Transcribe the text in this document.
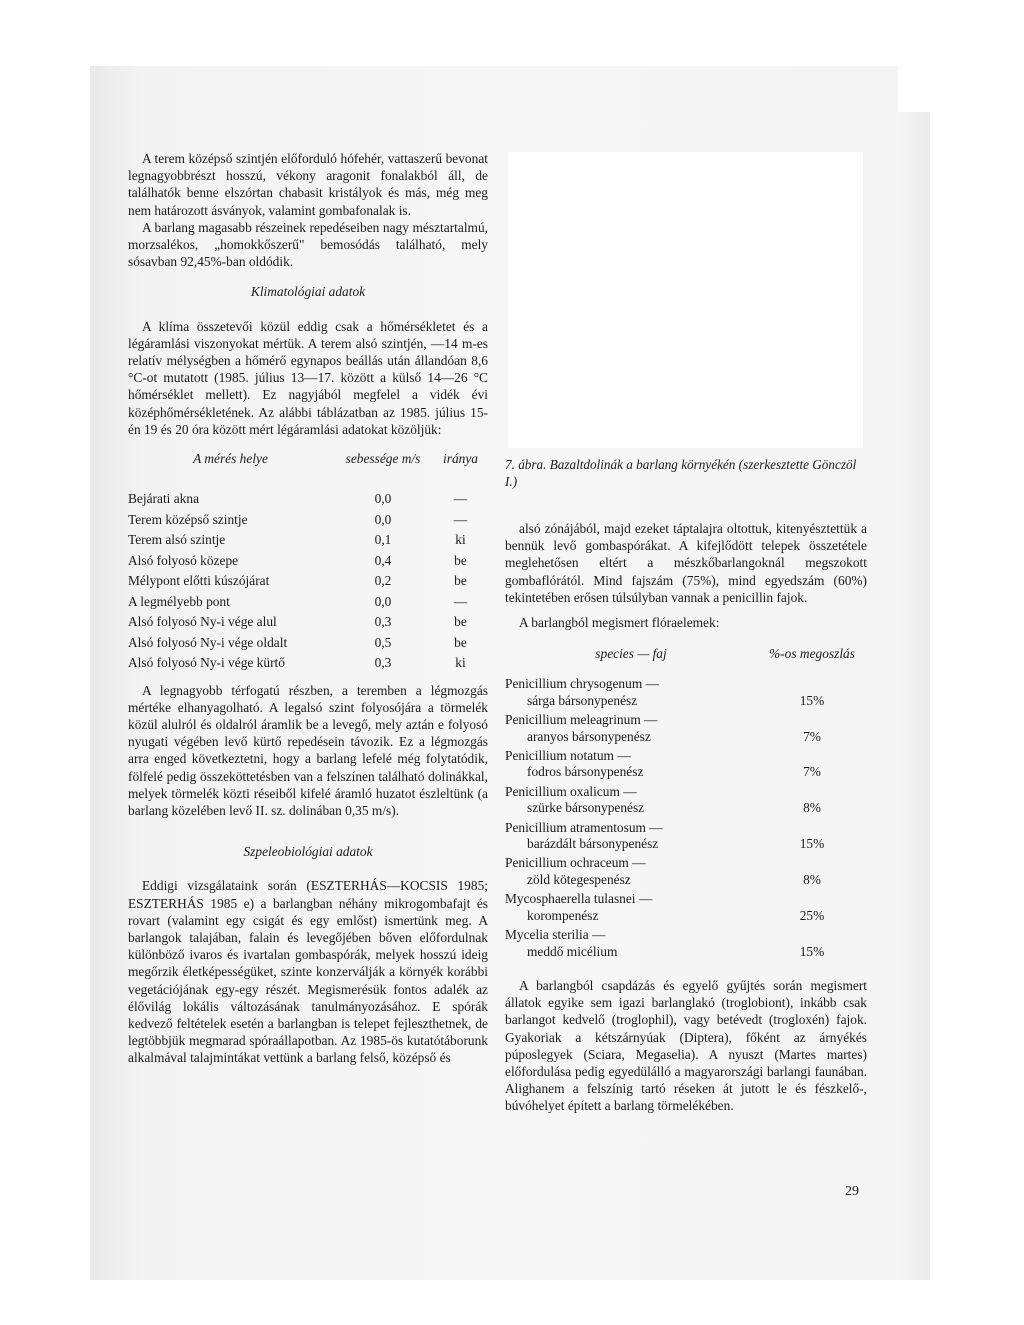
A terem középső szintjén előforduló hófehér, vattaszerű bevonat legnagyobbrészt hosszú, vékony aragonit fonalakból áll, de találhatók benne elszórtan chabasit kristályok és más, még meg nem határozott ásványok, valamint gombafonalak is.

A barlang magasabb részeinek repedéseiben nagy mésztartalmú, morzsalékos, „homokkőszerű" bemosódás található, mely sósavban 92,45%-ban oldódik.

Klimatológiai adatok

A klíma összetevői közül eddig csak a hőmérsékletet és a légáramlási viszonyokat mértük. A terem alsó szintjén, —14 m-es relatív mélységben a hőmérő egynapos beállás után állandóan 8,6 °C-ot mutatott (1985. július 13—17. között a külső 14—26 °C hőmérséklet mellett). Ez nagyjából megfelel a vidék évi középhőmérsékletének. Az alábbi táblázatban az 1985. július 15-én 19 és 20 óra között mért légáramlási adatokat közöljük:

A mérés helye	sebessége m/s	iránya
Bejárati akna	0,0	—
Terem középső szintje	0,0	—
Terem alsó szintje	0,1	ki
Alsó folyosó közepe	0,4	be
Mélypont előtti kúszójárat	0,2	be
A legmélyebb pont	0,0	—
Alsó folyosó Ny-i vége alul	0,3	be
Alsó folyosó Ny-i vége oldalt	0,5	be
Alsó folyosó Ny-i vége kürtő	0,3	ki

A legnagyobb térfogatú részben, a teremben a légmozgás mértéke elhanyagolható. A legalsó szint folyosójára a törmelék közül alulról és oldalról áramlik be a levegő, mely aztán e folyosó nyugati végében levő kürtő repedésein távozik. Ez a légmozgás arra enged következtetni, hogy a barlang lefelé még folytatódik, fölfelé pedig összeköttetésben van a felszínen található dolinákkal, melyek törmelék közti réseiből kifelé áramló huzatot észleltünk (a barlang közelében levő II. sz. dolinában 0,35 m/s).

Szpeleobiológiai adatok

Eddigi vizsgálataink során (ESZTERHÁS—KOCSIS 1985; ESZTERHÁS 1985 e) a barlangban néhány mikrogombafajt és rovart (valamint egy csigát és egy emlőst) ismertünk meg. A barlangok talajában, falain és levegőjében bőven előfordulnak különböző ivaros és ivartalan gombaspórák, melyek hosszú ideig megőrzik életképességüket, szinte konzerválják a környék korábbi vegetációjának egy-egy részét. Megismerésük fontos adalék az élővilág lokális változásának tanulmányozásához. E spórák kedvező feltételek esetén a barlangban is telepet fejleszthetnek, de legtöbbjük megmarad spóraállapotban. Az 1985-ös kutatótáborunk alkalmával talajmintákat vettünk a barlang felső, középső és

7. ábra. Bazaltdolinák a barlang környékén (szerkesztette Gönczöl I.)

alsó zónájából, majd ezeket táptalajra oltottuk, kitenyésztettük a bennük levő gombaspórákat. A kifejlődött telepek összetétele meglehetősen eltért a mészkőbarlangoknál megszokott gombaflórától. Mind fajszám (75%), mind egyedszám (60%) tekintetében erősen túlsúlyban vannak a penicillin fajok.

A barlangból megismert flóraelemek:

species — faj	%-os megoszlás
Penicillium chrysogenum —
sárga bársonypenész	15%
Penicillium meleagrinum —
aranyos bársonypenész	7%
Penicillium notatum —
fodros bársonypenész	7%
Penicillium oxalicum —
szürke bársonypenész	8%
Penicillium atramentosum —
barázdált bársonypenész	15%
Penicillium ochraceum —
zöld kötegespenész	8%
Mycosphaerella tulasnei —
korompenész	25%
Mycelia sterilia —
meddő micélium	15%

A barlangból csapdázás és egyelő gyűjtés során megismert állatok egyike sem igazi barlanglakó (troglobiont), inkább csak barlangot kedvelő (troglophil), vagy betévedt (trogloxén) fajok. Gyakoriak a kétszárnyúak (Diptera), főként az árnyékés púposlegyek (Sciara, Megaselia). A nyuszt (Martes martes) előfordulása pedig egyedülálló a magyarországi barlangi faunában. Alighanem a felszínig tartó réseken át jutott le és fészkelő-, búvóhelyet épített a barlang törmelékében.

29
